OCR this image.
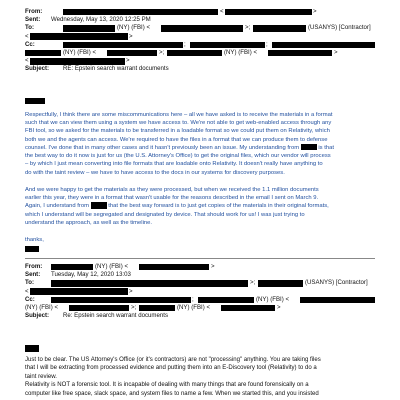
From:	<	>
Sent: Wednesday, May 13, 2020 12:25 PM
To:	(NY) (FBI) <	>;	(USANYS) [Contractor]
<	>
Cc:	;	;
(NY) (FBI) <	>;	(NY) (FBI) <	>
<	>
Subject: RE: Epstein search warrant documents
Respectfully, I think there are some miscommunications here – all we have asked is to receive the materials in a format
such that we can view them using a system we have access to. We're not able to get web-enabled access through any
FBI tool, so we asked for the materials to be transferred in a loadable format so we could put them on Relativity, which
both we and the agents can access. We're required to have the files in a format that we can produce them to defense
counsel. I've done that in many other cases and it hasn't previously been an issue. My understanding from	is that
the best way to do it now is just for us (the U.S. Attorney's Office) to get the original files, which our vendor will process
– by which I just mean converting into file formats that are loadable onto Relativity. It doesn't really have anything to
do with the taint review – we have to have access to the docs in our systems for discovery purposes.
And we were happy to get the materials as they were processed, but when we received the 1.1 million documents
earlier this year, they were in a format that wasn't usable for the reasons described in the email I sent on March 9.
Again, I understand from	that the best way forward is to just get copies of the materials in their original formats,
which I understand will be segregated and designated by device. That should work for us! I was just trying to
understand the approach, as well as the timeline.
thanks,
From:	(NY) (FBI) <	>
Sent: Tuesday, May 12, 2020 13:03
To:	>;	(USANYS) [Contractor]
<	>
Cc:	;	(NY) (FBI) <
(NY) (FBI) <	>;	(NY) (FBI) <	>
Subject: Re: Epstein search warrant documents
Just to be clear. The US Attorney's Office (or it's contractors) are not "processing" anything. You are taking files
that I will be extracting from processed evidence and putting them into an E-Discovery tool (Relativity) to do a
taint review.
Relativity is NOT a forensic tool. It is incapable of dealing with many things that are found forensically on a
computer like free space, slack space, and system files to name a few. When we started this, and you insisted
